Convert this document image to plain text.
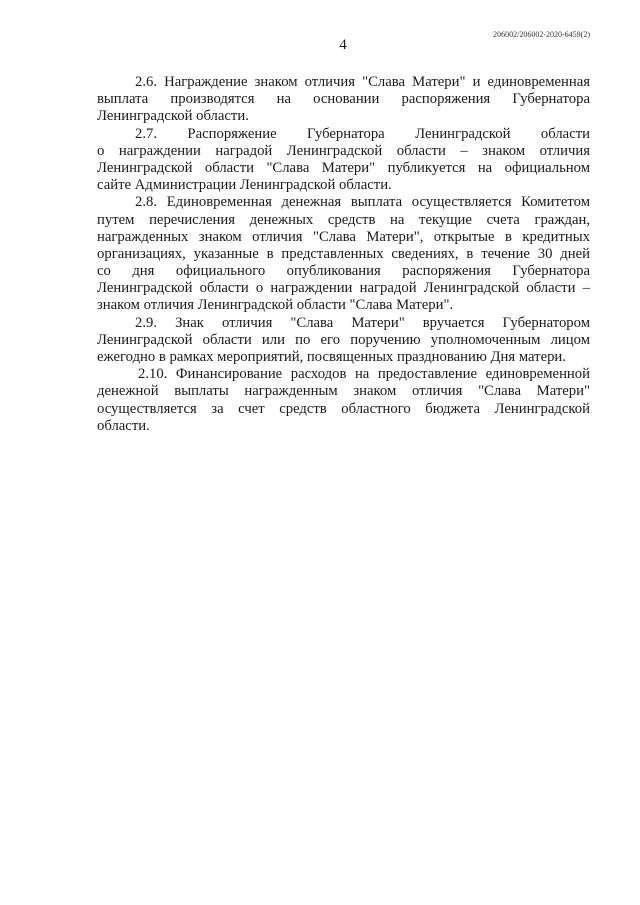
206002/206002-2020-6459(2)
4
2.6. Награждение знаком отличия "Слава Матери" и единовременная
выплата производятся на основании распоряжения Губернатора
Ленинградской области.
2.7. Распоряжение Губернатора Ленинградской области
о награждении наградой Ленинградской области – знаком отличия
Ленинградской области "Слава Матери" публикуется на официальном
сайте Администрации Ленинградской области.
2.8. Единовременная денежная выплата осуществляется Комитетом
путем перечисления денежных средств на текущие счета граждан,
награжденных знаком отличия "Слава Матери", открытые в кредитных
организациях, указанные в представленных сведениях, в течение 30 дней
со дня официального опубликования распоряжения Губернатора
Ленинградской области о награждении наградой Ленинградской области –
знаком отличия Ленинградской области "Слава Матери".
2.9. Знак отличия "Слава Матери" вручается Губернатором
Ленинградской области или по его поручению уполномоченным лицом
ежегодно в рамках мероприятий, посвященных празднованию Дня матери.
2.10. Финансирование расходов на предоставление единовременной
денежной выплаты награжденным знаком отличия "Слава Матери"
осуществляется за счет средств областного бюджета Ленинградской
области.
